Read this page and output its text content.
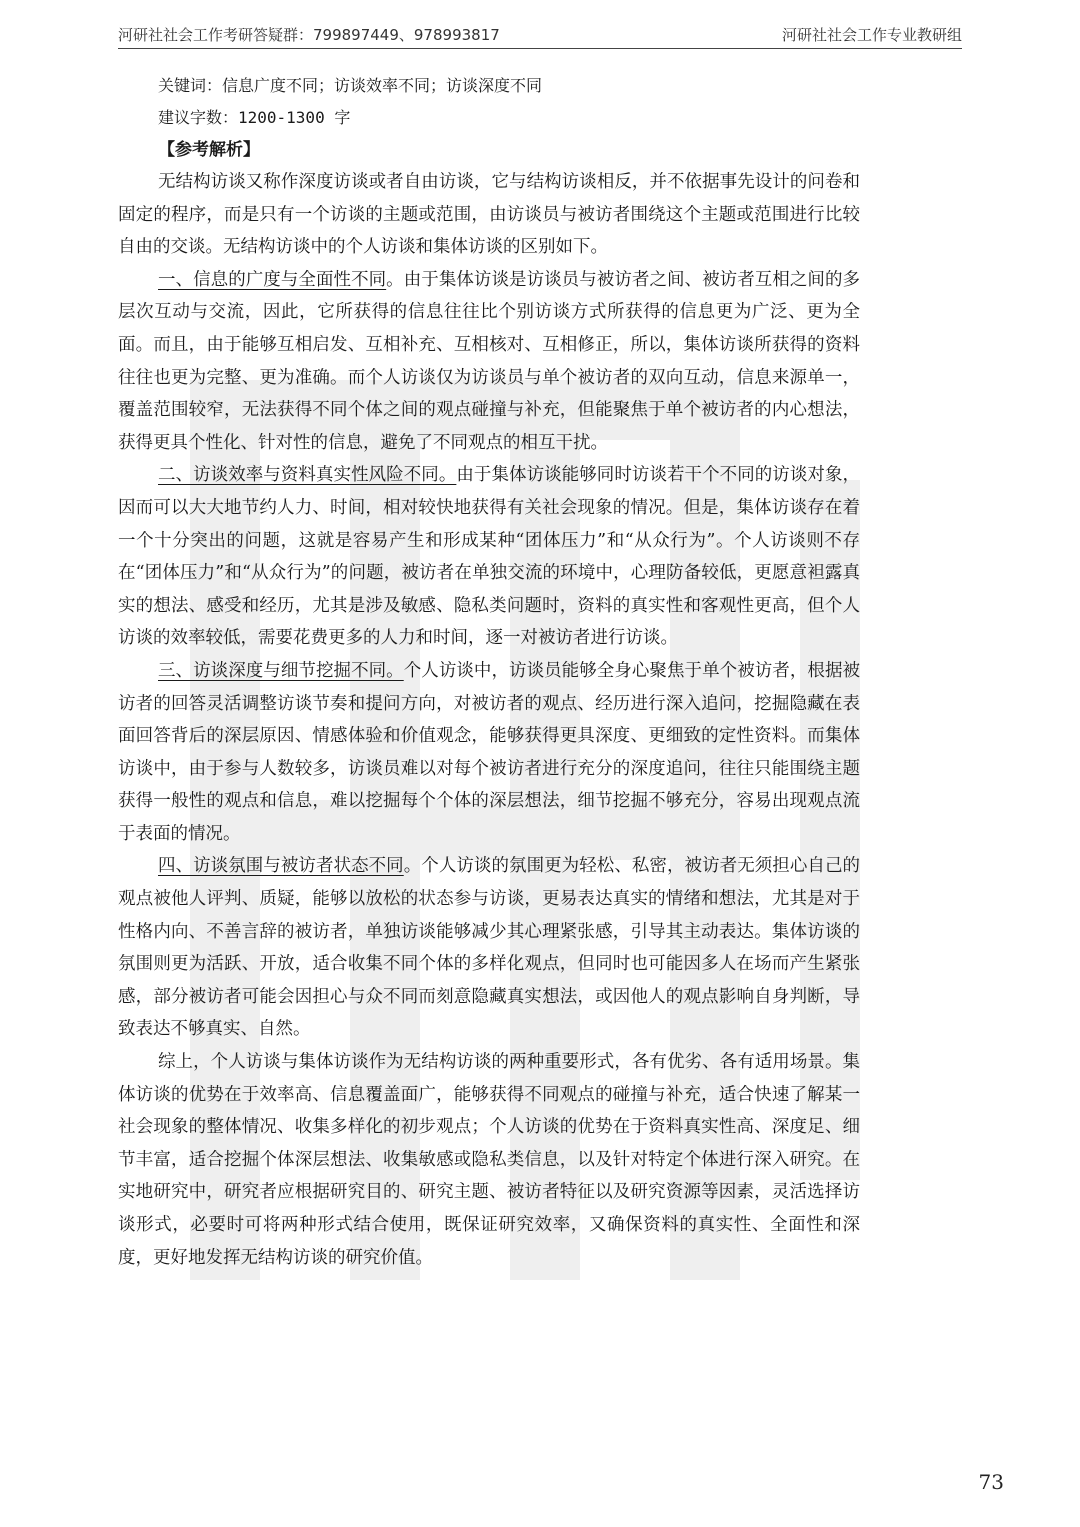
河研社社会工作考研答疑群：799897449、978993817	河研社社会工作专业教研组
关键词：信息广度不同；访谈效率不同；访谈深度不同
建议字数：1200-1300 字
【参考解析】

无结构访谈又称作深度访谈或者自由访谈，它与结构访谈相反，并不依据事先设计的问卷和固定的程序，而是只有一个访谈的主题或范围，由访谈员与被访者围绕这个主题或范围进行比较自由的交谈。无结构访谈中的个人访谈和集体访谈的区别如下。

一、信息的广度与全面性不同。由于集体访谈是访谈员与被访者之间、被访者互相之间的多层次互动与交流，因此，它所获得的信息往往比个别访谈方式所获得的信息更为广泛、更为全面。而且，由于能够互相启发、互相补充、互相核对、互相修正，所以，集体访谈所获得的资料往往也更为完整、更为准确。而个人访谈仅为访谈员与单个被访者的双向互动，信息来源单一，覆盖范围较窄，无法获得不同个体之间的观点碰撞与补充，但能聚焦于单个被访者的内心想法，获得更具个性化、针对性的信息，避免了不同观点的相互干扰。

二、访谈效率与资料真实性风险不同。由于集体访谈能够同时访谈若干个不同的访谈对象，因而可以大大地节约人力、时间，相对较快地获得有关社会现象的情况。但是，集体访谈存在着一个十分突出的问题，这就是容易产生和形成某种“团体压力”和“从众行为”。个人访谈则不存在“团体压力”和“从众行为”的问题，被访者在单独交流的环境中，心理防备较低，更愿意袒露真实的想法、感受和经历，尤其是涉及敏感、隐私类问题时，资料的真实性和客观性更高，但个人访谈的效率较低，需要花费更多的人力和时间，逐一对被访者进行访谈。

三、访谈深度与细节挖掘不同。个人访谈中，访谈员能够全身心聚焦于单个被访者，根据被访者的回答灵活调整访谈节奏和提问方向，对被访者的观点、经历进行深入追问，挖掘隐藏在表面回答背后的深层原因、情感体验和价值观念，能够获得更具深度、更细致的定性资料。而集体访谈中，由于参与人数较多，访谈员难以对每个被访者进行充分的深度追问，往往只能围绕主题获得一般性的观点和信息，难以挖掘每个个体的深层想法，细节挖掘不够充分，容易出现观点流于表面的情况。

四、访谈氛围与被访者状态不同。个人访谈的氛围更为轻松、私密，被访者无须担心自己的观点被他人评判、质疑，能够以放松的状态参与访谈，更易表达真实的情绪和想法，尤其是对于性格内向、不善言辞的被访者，单独访谈能够减少其心理紧张感，引导其主动表达。集体访谈的氛围则更为活跃、开放，适合收集不同个体的多样化观点，但同时也可能因多人在场而产生紧张感，部分被访者可能会因担心与众不同而刻意隐藏真实想法，或因他人的观点影响自身判断，导致表达不够真实、自然。

综上，个人访谈与集体访谈作为无结构访谈的两种重要形式，各有优劣、各有适用场景。集体访谈的优势在于效率高、信息覆盖面广，能够获得不同观点的碰撞与补充，适合快速了解某一社会现象的整体情况、收集多样化的初步观点；个人访谈的优势在于资料真实性高、深度足、细节丰富，适合挖掘个体深层想法、收集敏感或隐私类信息，以及针对特定个体进行深入研究。在实地研究中，研究者应根据研究目的、研究主题、被访者特征以及研究资源等因素，灵活选择访谈形式，必要时可将两种形式结合使用，既保证研究效率，又确保资料的真实性、全面性和深度，更好地发挥无结构访谈的研究价值。

73
